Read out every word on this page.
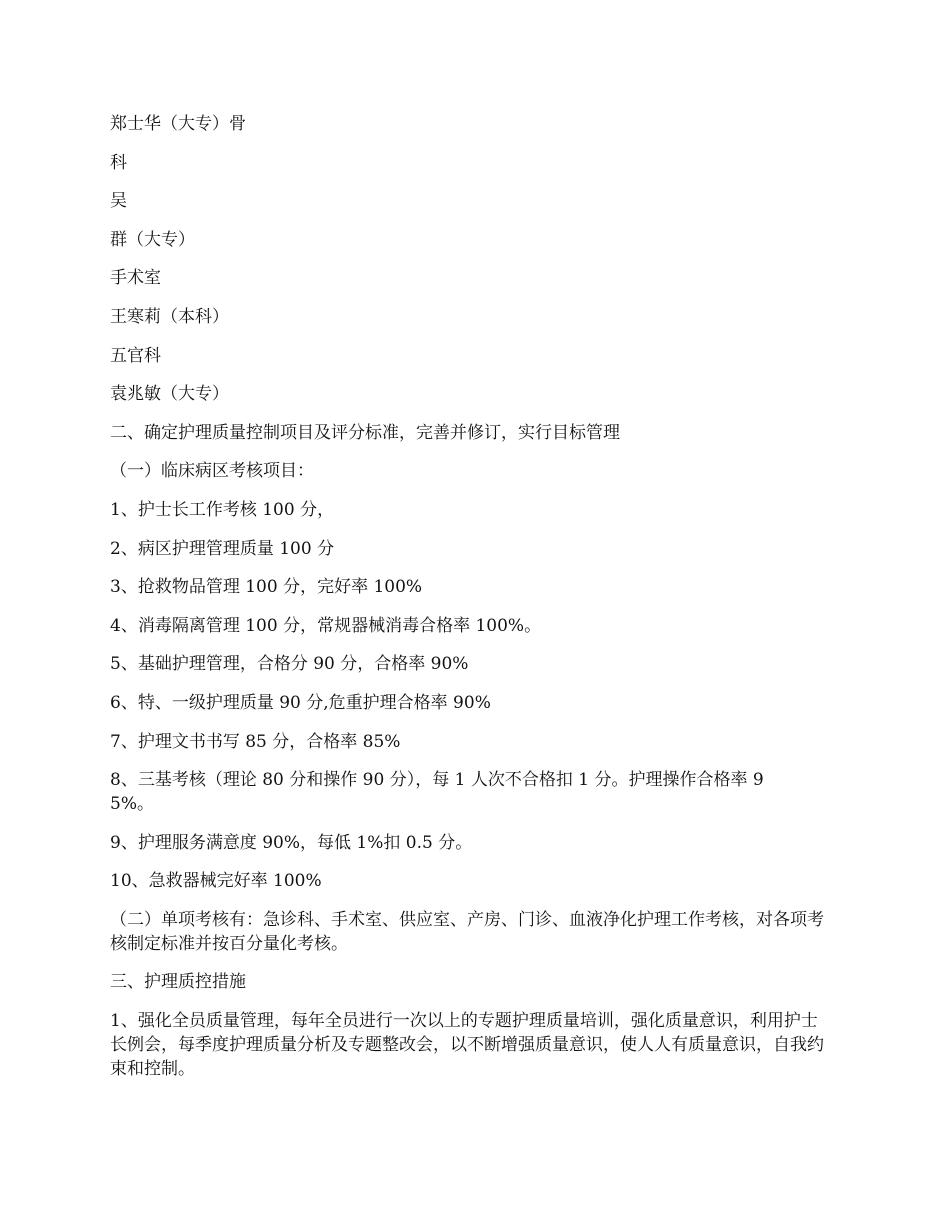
郑士华（大专）骨
科
吴
群（大专）
手术室
王寒莉（本科）
五官科
袁兆敏（大专）
二、确定护理质量控制项目及评分标准，完善并修订，实行目标管理
（一）临床病区考核项目：
1、护士长工作考核 100 分，
2、病区护理管理质量 100 分
3、抢救物品管理 100 分，完好率 100%
4、消毒隔离管理 100 分，常规器械消毒合格率 100%。
5、基础护理管理，合格分 90 分，合格率 90%
6、特、一级护理质量 90 分,危重护理合格率 90%
7、护理文书书写 85 分，合格率 85%
8、三基考核（理论 80 分和操作 90 分），每 1 人次不合格扣 1 分。护理操作合格率 95%。
9、护理服务满意度 90%，每低 1%扣 0.5 分。
10、急救器械完好率 100%
（二）单项考核有：急诊科、手术室、供应室、产房、门诊、血液净化护理工作考核，对各项考核制定标准并按百分量化考核。
三、护理质控措施
1、强化全员质量管理，每年全员进行一次以上的专题护理质量培训，强化质量意识，利用护士长例会，每季度护理质量分析及专题整改会，以不断增强质量意识，使人人有质量意识，自我约束和控制。
